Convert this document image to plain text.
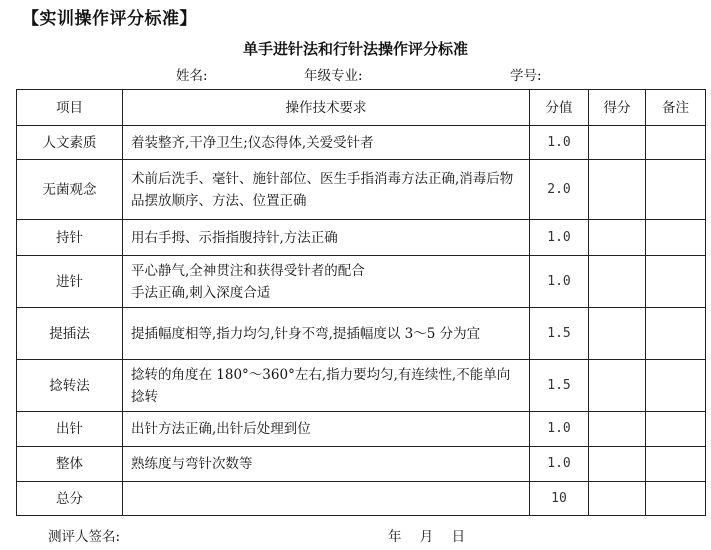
【实训操作评分标准】
单手进针法和行针法操作评分标准
姓名:	年级专业:	学号:
项目	操作技术要求	分值	得分	备注
人文素质	着装整齐,干净卫生;仪态得体,关爱受针者	1.0		
无菌观念	术前后洗手、毫针、施针部位、医生手指消毒方法正确,消毒后物品摆放顺序、方法、位置正确	2.0		
持针	用右手拇、示指指腹持针,方法正确	1.0		
进针	平心静气,全神贯注和获得受针者的配合
手法正确,刺入深度合适	1.0		
提插法	提插幅度相等,指力均匀,针身不弯,提插幅度以 3～5 分为宜	1.5		
捻转法	捻转的角度在 180°～360°左右,指力要均匀,有连续性,不能单向捻转	1.5		
出针	出针方法正确,出针后处理到位	1.0		
整体	熟练度与弯针次数等	1.0		
总分		10		
测评人签名:	年 月 日
